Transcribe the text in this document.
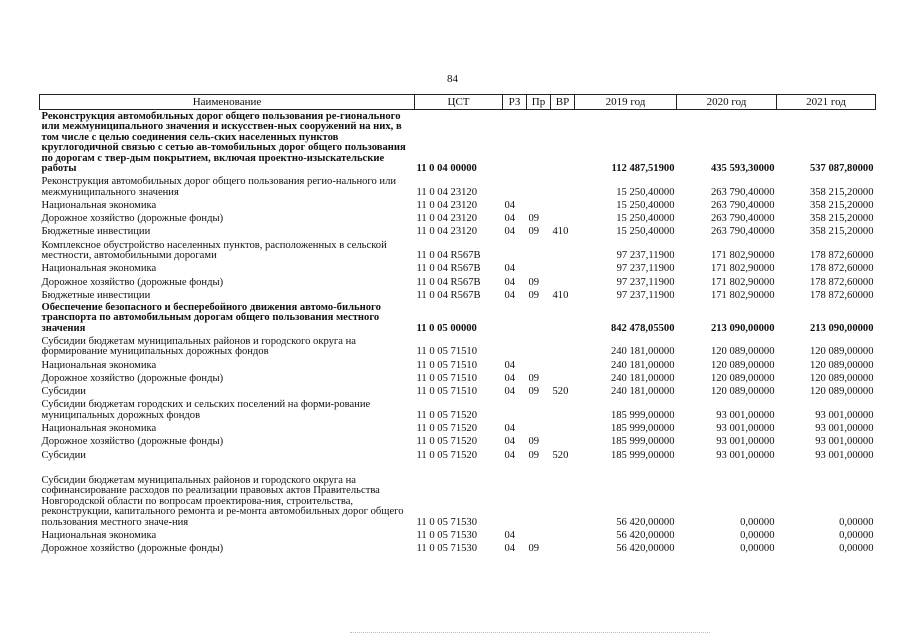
84
Наименование	ЦСТ	РЗ	Пр	ВР	2019 год	2020 год	2021 год
Реконструкция автомобильных дорог общего пользования ре-гионального или межмуниципального значения и искусствен-ных сооружений на них, в том числе с целью соединения сель-ских населенных пунктов круглогодичной связью с сетью ав-томобильных дорог общего пользования по дорогам с твер-дым покрытием, включая проектно-изыскательские работы	11 0 04 00000				112 487,51900	435 593,30000	537 087,80000
Реконструкция автомобильных дорог общего пользования регио-нального или межмуниципального значения	11 0 04 23120				15 250,40000	263 790,40000	358 215,20000
Национальная экономика	11 0 04 23120	04			15 250,40000	263 790,40000	358 215,20000
Дорожное хозяйство (дорожные фонды)	11 0 04 23120	04	09		15 250,40000	263 790,40000	358 215,20000
Бюджетные инвестиции	11 0 04 23120	04	09	410	15 250,40000	263 790,40000	358 215,20000
Комплексное обустройство населенных пунктов, расположенных в сельской местности, автомобильными дорогами	11 0 04 R567B				97 237,11900	171 802,90000	178 872,60000
Национальная экономика	11 0 04 R567B	04			97 237,11900	171 802,90000	178 872,60000
Дорожное хозяйство (дорожные фонды)	11 0 04 R567B	04	09		97 237,11900	171 802,90000	178 872,60000
Бюджетные инвестиции	11 0 04 R567B	04	09	410	97 237,11900	171 802,90000	178 872,60000
Обеспечение безопасного и бесперебойного движения автомо-бильного транспорта по автомобильным дорогам общего пользования местного значения	11 0 05 00000				842 478,05500	213 090,00000	213 090,00000
Субсидии бюджетам муниципальных районов и городского округа на формирование муниципальных дорожных фондов	11 0 05 71510				240 181,00000	120 089,00000	120 089,00000
Национальная экономика	11 0 05 71510	04			240 181,00000	120 089,00000	120 089,00000
Дорожное хозяйство (дорожные фонды)	11 0 05 71510	04	09		240 181,00000	120 089,00000	120 089,00000
Субсидии	11 0 05 71510	04	09	520	240 181,00000	120 089,00000	120 089,00000
Субсидии бюджетам городских и сельских поселений на форми-рование муниципальных дорожных фондов	11 0 05 71520				185 999,00000	93 001,00000	93 001,00000
Национальная экономика	11 0 05 71520	04			185 999,00000	93 001,00000	93 001,00000
Дорожное хозяйство (дорожные фонды)	11 0 05 71520	04	09		185 999,00000	93 001,00000	93 001,00000
Субсидии	11 0 05 71520	04	09	520	185 999,00000	93 001,00000	93 001,00000
Субсидии бюджетам муниципальных районов и городского округа на софинансирование расходов по реализации правовых актов Правительства Новгородской области по вопросам проектирова-ния, строительства, реконструкции, капитального ремонта и ре-монта автомобильных дорог общего пользования местного значе-ния	11 0 05 71530				56 420,00000	0,00000	0,00000
Национальная экономика	11 0 05 71530	04			56 420,00000	0,00000	0,00000
Дорожное хозяйство (дорожные фонды)	11 0 05 71530	04	09		56 420,00000	0,00000	0,00000
